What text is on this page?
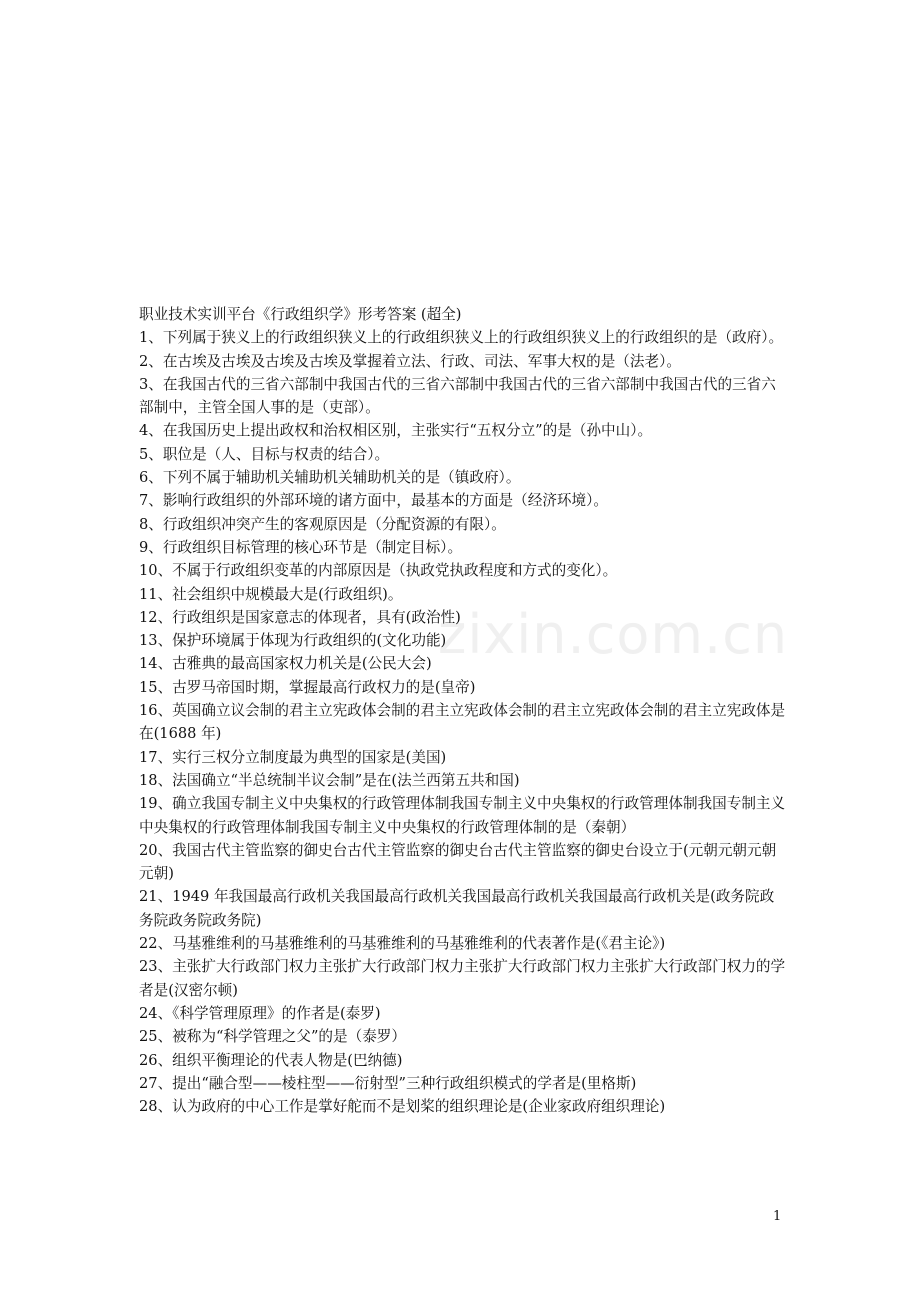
zixin.com.cn
职业技术实训平台《行政组织学》形考答案 (超全)

1、下列属于狭义上的行政组织狭义上的行政组织狭义上的行政组织狭义上的行政组织的是（政府）。

2、在古埃及古埃及古埃及古埃及掌握着立法、行政、司法、军事大权的是（法老）。

3、在我国古代的三省六部制中我国古代的三省六部制中我国古代的三省六部制中我国古代的三省六部制中，主管全国人事的是（吏部）。

4、在我国历史上提出政权和治权相区别，主张实行“五权分立”的是（孙中山）。

5、职位是（人、目标与权责的结合）。

6、下列不属于辅助机关辅助机关辅助机关的是（镇政府）。

7、影响行政组织的外部环境的诸方面中，最基本的方面是（经济环境）。

8、行政组织冲突产生的客观原因是（分配资源的有限）。

9、行政组织目标管理的核心环节是（制定目标）。

10、不属于行政组织变革的内部原因是（执政党执政程度和方式的变化）。

11、社会组织中规模最大是(行政组织)。

12、行政组织是国家意志的体现者，具有(政治性)

13、保护环境属于体现为行政组织的(文化功能)

14、古雅典的最高国家权力机关是(公民大会)

15、古罗马帝国时期，掌握最高行政权力的是(皇帝)

16、英国确立议会制的君主立宪政体会制的君主立宪政体会制的君主立宪政体会制的君主立宪政体是在(1688 年)

17、实行三权分立制度最为典型的国家是(美国)

18、法国确立“半总统制半议会制”是在(法兰西第五共和国)

19、确立我国专制主义中央集权的行政管理体制我国专制主义中央集权的行政管理体制我国专制主义中央集权的行政管理体制我国专制主义中央集权的行政管理体制的是（秦朝）

20、我国古代主管监察的御史台古代主管监察的御史台古代主管监察的御史台设立于(元朝元朝元朝元朝)

21、1949 年我国最高行政机关我国最高行政机关我国最高行政机关我国最高行政机关是(政务院政务院政务院政务院)

22、马基雅维利的马基雅维利的马基雅维利的马基雅维利的代表著作是(《君主论》)

23、主张扩大行政部门权力主张扩大行政部门权力主张扩大行政部门权力主张扩大行政部门权力的学者是(汉密尔顿)

24、《科学管理原理》的作者是(泰罗)

25、被称为“科学管理之父”的是（泰罗）

26、组织平衡理论的代表人物是(巴纳德)

27、提出“融合型——棱柱型——衍射型”三种行政组织模式的学者是(里格斯)

28、认为政府的中心工作是掌好舵而不是划桨的组织理论是(企业家政府组织理论)

1
